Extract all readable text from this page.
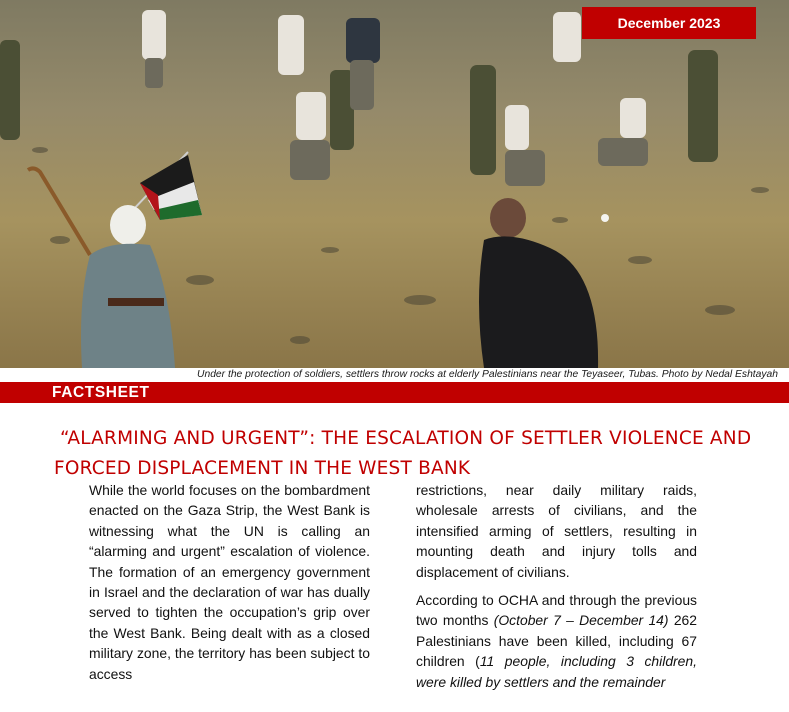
December 2023
Under the protection of soldiers, settlers throw rocks at elderly Palestinians near the Teyaseer, Tubas. Photo by Nedal Eshtayah
FACTSHEET
“ALARMING AND URGENT”: THE ESCALATION OF SETTLER VIOLENCE AND
FORCED DISPLACEMENT IN THE WEST BANK

While the world focuses on the bombardment enacted on the Gaza Strip, the West Bank is witnessing what the UN is calling an “alarming and urgent” escalation of violence. The formation of an emergency government in Israel and the declaration of war has dually served to tighten the occupation’s grip over the West Bank. Being dealt with as a closed military zone, the territory has been subject to access

restrictions, near daily military raids, wholesale arrests of civilians, and the intensified arming of settlers, resulting in mounting death and injury tolls and displacement of civilians.

According to OCHA and through the previous two months (October 7 – December 14) 262 Palestinians have been killed, including 67 children (11 people, including 3 children, were killed by settlers and the remainder
